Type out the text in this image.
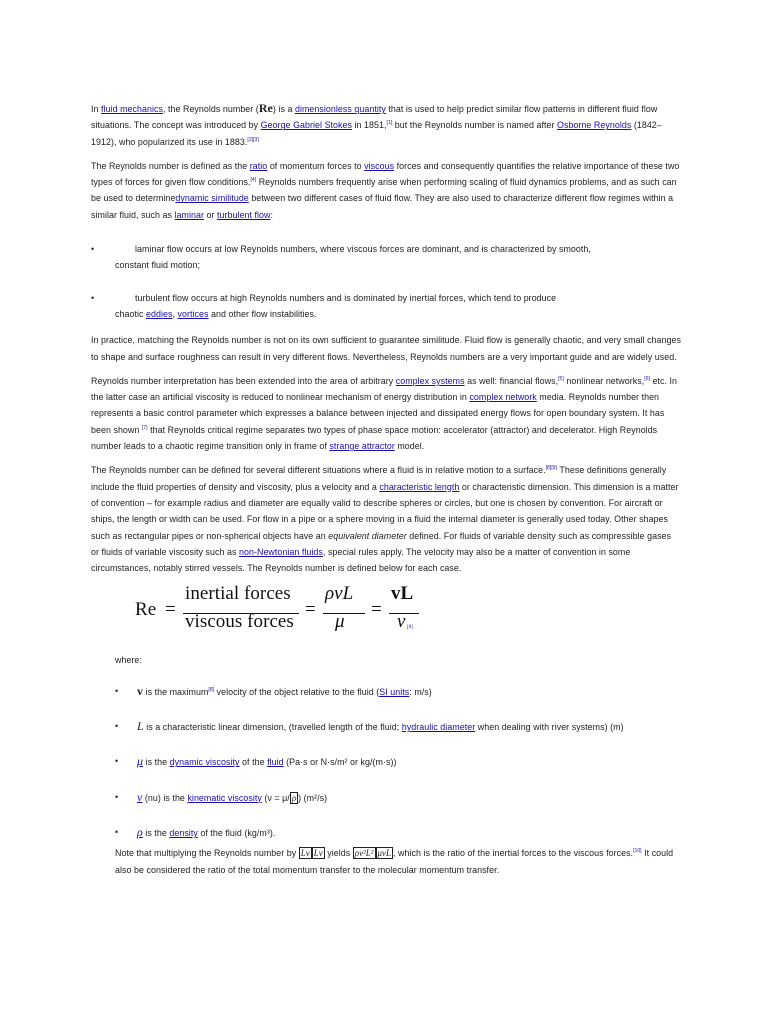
In fluid mechanics, the Reynolds number (Re) is a dimensionless quantity that is used to help predict similar flow patterns in different fluid flow situations. The concept was introduced by George Gabriel Stokes in 1851,[1] but the Reynolds number is named after Osborne Reynolds (1842–1912), who popularized its use in 1883.[2][3]

The Reynolds number is defined as the ratio of momentum forces to viscous forces and consequently quantifies the relative importance of these two types of forces for given flow conditions.[4] Reynolds numbers frequently arise when performing scaling of fluid dynamics problems, and as such can be used to determinedynamic similitude between two different cases of fluid flow. They are also used to characterize different flow regimes within a similar fluid, such as laminar or turbulent flow:

•	laminar flow occurs at low Reynolds numbers, where viscous forces are dominant, and is characterized by smooth,
constant fluid motion;
•	turbulent flow occurs at high Reynolds numbers and is dominated by inertial forces, which tend to produce
chaotic eddies, vortices and other flow instabilities.

In practice, matching the Reynolds number is not on its own sufficient to guarantee similitude. Fluid flow is generally chaotic, and very small changes to shape and surface roughness can result in very different flows. Nevertheless, Reynolds numbers are a very important guide and are widely used.

Reynolds number interpretation has been extended into the area of arbitrary complex systems as well: financial flows,[5] nonlinear networks,[6] etc. In the latter case an artificial viscosity is reduced to nonlinear mechanism of energy distribution in complex network media. Reynolds number then represents a basic control parameter which expresses a balance between injected and dissipated energy flows for open boundary system. It has been shown [7] that Reynolds critical regime separates two types of phase space motion: accelerator (attractor) and decelerator. High Reynolds number leads to a chaotic regime transition only in frame of strange attractor model.

The Reynolds number can be defined for several different situations where a fluid is in relative motion to a surface.[8][9] These definitions generally include the fluid properties of density and viscosity, plus a velocity and a characteristic length or characteristic dimension. This dimension is a matter of convention – for example radius and diameter are equally valid to describe spheres or circles, but one is chosen by convention. For aircraft or ships, the length or width can be used. For flow in a pipe or a sphere moving in a fluid the internal diameter is generally used today. Other shapes such as rectangular pipes or non-spherical objects have an equivalent diameter defined. For fluids of variable density such as compressible gases or fluids of variable viscosity such as non-Newtonian fluids, special rules apply. The velocity may also be a matter of convention in some circumstances, notably stirred vessels. The Reynolds number is defined below for each case.

Re =
inertial forces
viscous forces
=
ρvL
μ
=
vL
ν [8]
where:
• v is the maximum[8] velocity of the object relative to the fluid (SI units: m/s)
• L is a characteristic linear dimension, (travelled length of the fluid; hydraulic diameter when dealing with river systems) (m)
• μ is the dynamic viscosity of the fluid (Pa·s or N·s/m² or kg/(m·s))
• ν (nu) is the kinematic viscosity (ν = μ/ ρ ) (m²/s)
• ρ is the density of the fluid (kg/m³).

Note that multiplying the Reynolds number by Lv Lv yields ρv²L² μvL , which is the ratio of the inertial forces to the viscous forces.[10] It could also be considered the ratio of the total momentum transfer to the molecular momentum transfer.
